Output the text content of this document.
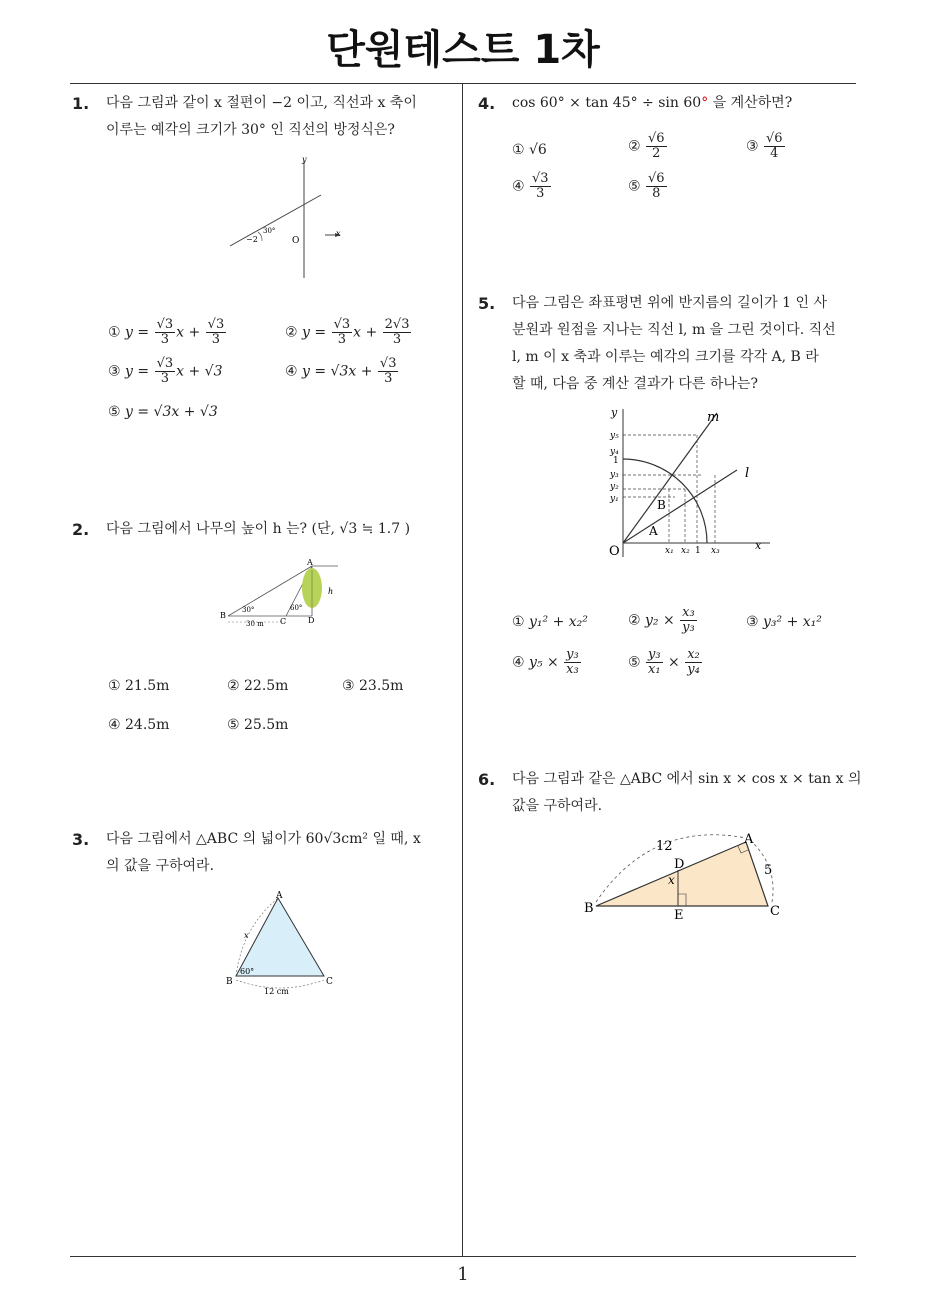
단원테스트 1차
1
1. 다음 그림과 같이 x 절편이 −2 이고, 직선과 x 축이
이루는 예각의 크기가 30° 인 직선의 방정식은?
y
x
O
−2
30°
① $y = \frac{√3}{3}$ $x + \frac{√3}{3}$	② $y = \frac{√3}{3}$ $x + \frac{2√3}{3}$
③ $y = \frac{√3}{3}$ x + √3	④ $y = √3x + \frac{√3}{3}$
⑤ y = √3x + √3
2. 다음 그림에서 나무의 높이 h 는? (단, √3 ≒ 1.7 )
B
C	D
A
h
30°	60°
30 m
① 21.5m	② 22.5m	③ 23.5m
④ 24.5m	⑤ 25.5m
3. 다음 그림에서 △ABC 의 넓이가 60√3cm² 일 때, x
의 값을 구하여라.
A
B	C
x
60°
12 cm
4. cos 60° × tan 45° ÷ sin 60° 을 계산하면?
① √6	② $\frac{√6}{2}$	③ $\frac{√6}{4}$
④ $\frac{√3}{3}$	⑤ $\frac{√6}{8}$
5. 다음 그림은 좌표평면 위에 반지름의 길이가 1 인 사
분원과 원점을 지나는 직선 l, m 을 그린 것이다. 직선
l, m 이 x 축과 이루는 예각의 크기를 각각 A, B 라
할 때, 다음 중 계산 결과가 다른 하나는?
y
x
O
m
l
A
B
y₅
y₄
1
y₃
y₂
y₁
x₁ x₂ 1 x₃
① y₁² + x₂²	② $y_2 \times \frac{\text{x₃}}{\text{y₃}}$	③ y₃² + x₁²
④ $y_5 \times \frac{\text{y₃}}{\text{x₃}}$	⑤ $\frac{\text{y₃}}{\text{x₁}} \times \frac{\text{x₂}}{\text{y₄}}$
6. 다음 그림과 같은 △ABC 에서 sin x × cos x × tan x 의
값을 구하여라.
A
B	C
D
E
x
12
5
